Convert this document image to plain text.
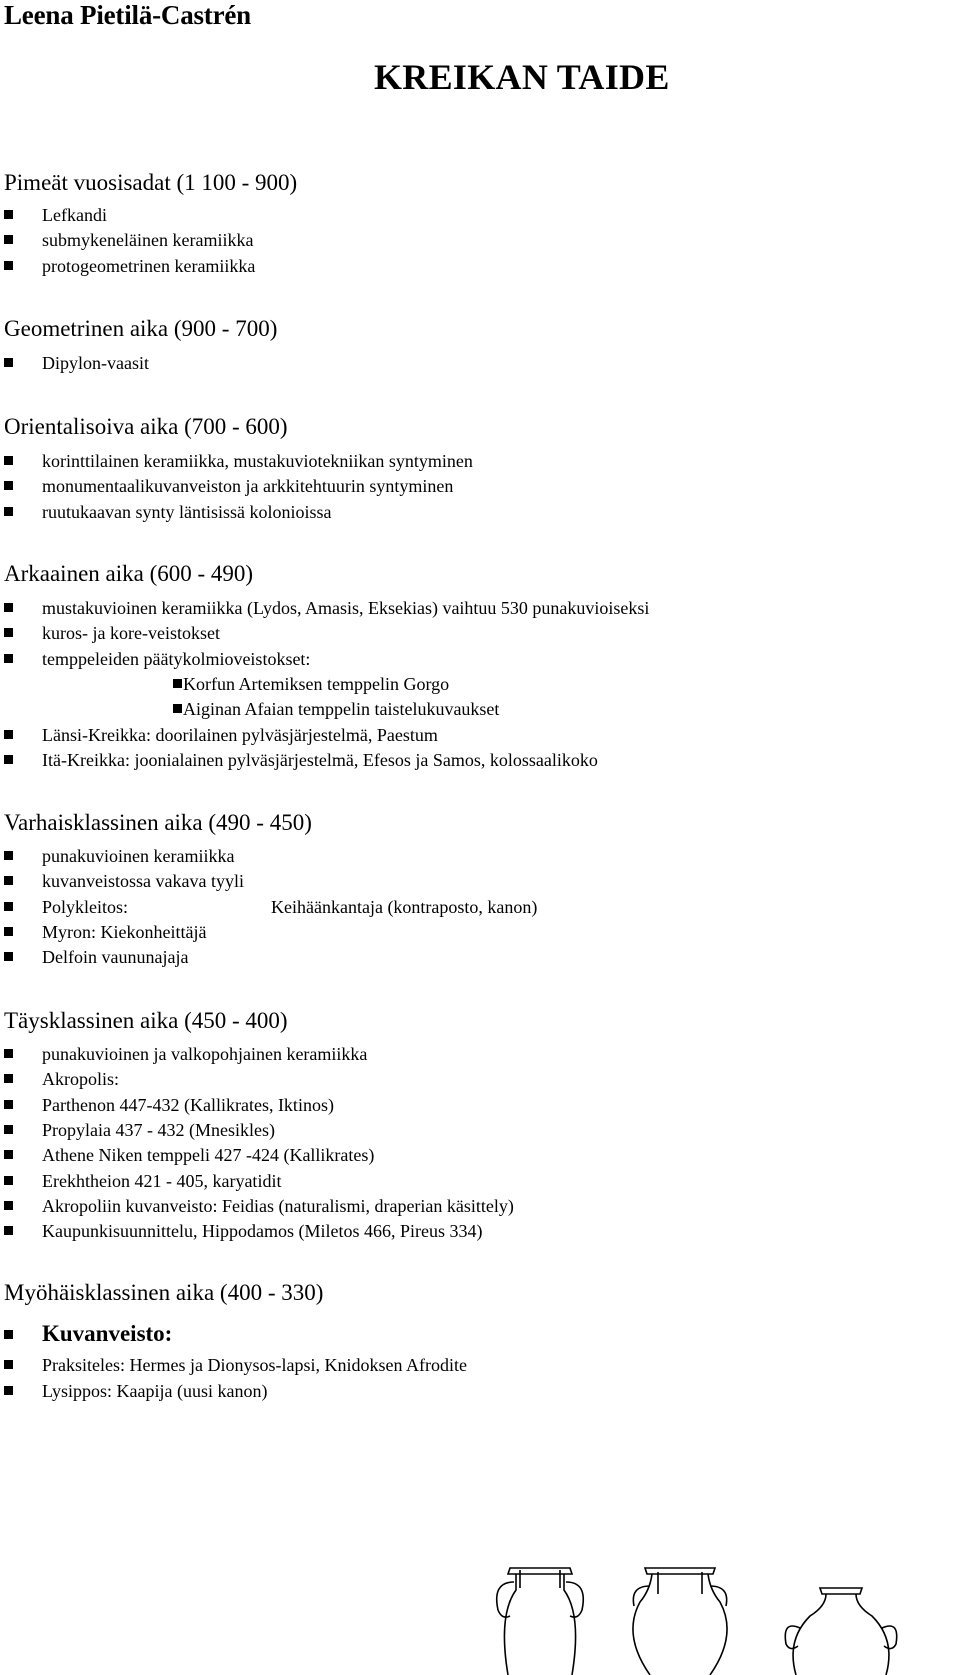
Leena Pietilä-Castrén
KREIKAN TAIDE
Pimeät vuosisadat (1 100 - 900)
Lefkandi
submykeneläinen keramiikka
protogeometrinen keramiikka
Geometrinen aika (900 - 700)
Dipylon-vaasit
Orientalisoiva aika (700 - 600)
korinttilainen keramiikka, mustakuviotekniikan syntyminen
monumentaalikuvanveiston ja arkkitehtuurin syntyminen
ruutukaavan synty läntisissä kolonioissa
Arkaainen aika (600 - 490)
mustakuvioinen keramiikka (Lydos, Amasis, Eksekias) vaihtuu 530 punakuvioiseksi
kuros- ja kore-veistokset
temppeleiden päätykolmioveistokset:
Korfun Artemiksen temppelin Gorgo
Aiginan Afaian temppelin taistelukuvaukset
Länsi-Kreikka: doorilainen pylväsjärjestelmä, Paestum
Itä-Kreikka: joonialainen pylväsjärjestelmä, Efesos ja Samos, kolossaalikoko
Varhaisklassinen aika (490 - 450)
punakuvioinen keramiikka
kuvanveistossa vakava tyyli
Polykleitos:	Keihäänkantaja (kontraposto, kanon)
Myron: Kiekonheittäjä
Delfoin vaununajaja
Täysklassinen aika (450 - 400)
punakuvioinen ja valkopohjainen keramiikka
Akropolis:
Parthenon 447-432 (Kallikrates, Iktinos)
Propylaia 437 - 432 (Mnesikles)
Athene Niken temppeli 427 -424 (Kallikrates)
Erekhtheion 421 - 405, karyatidit
Akropoliin kuvanveisto: Feidias (naturalismi, draperian käsittely)
Kaupunkisuunnittelu, Hippodamos (Miletos 466, Pireus 334)
Myöhäisklassinen aika (400 - 330)
Kuvanveisto:
Praksiteles: Hermes ja Dionysos-lapsi, Knidoksen Afrodite
Lysippos: Kaapija (uusi kanon)
